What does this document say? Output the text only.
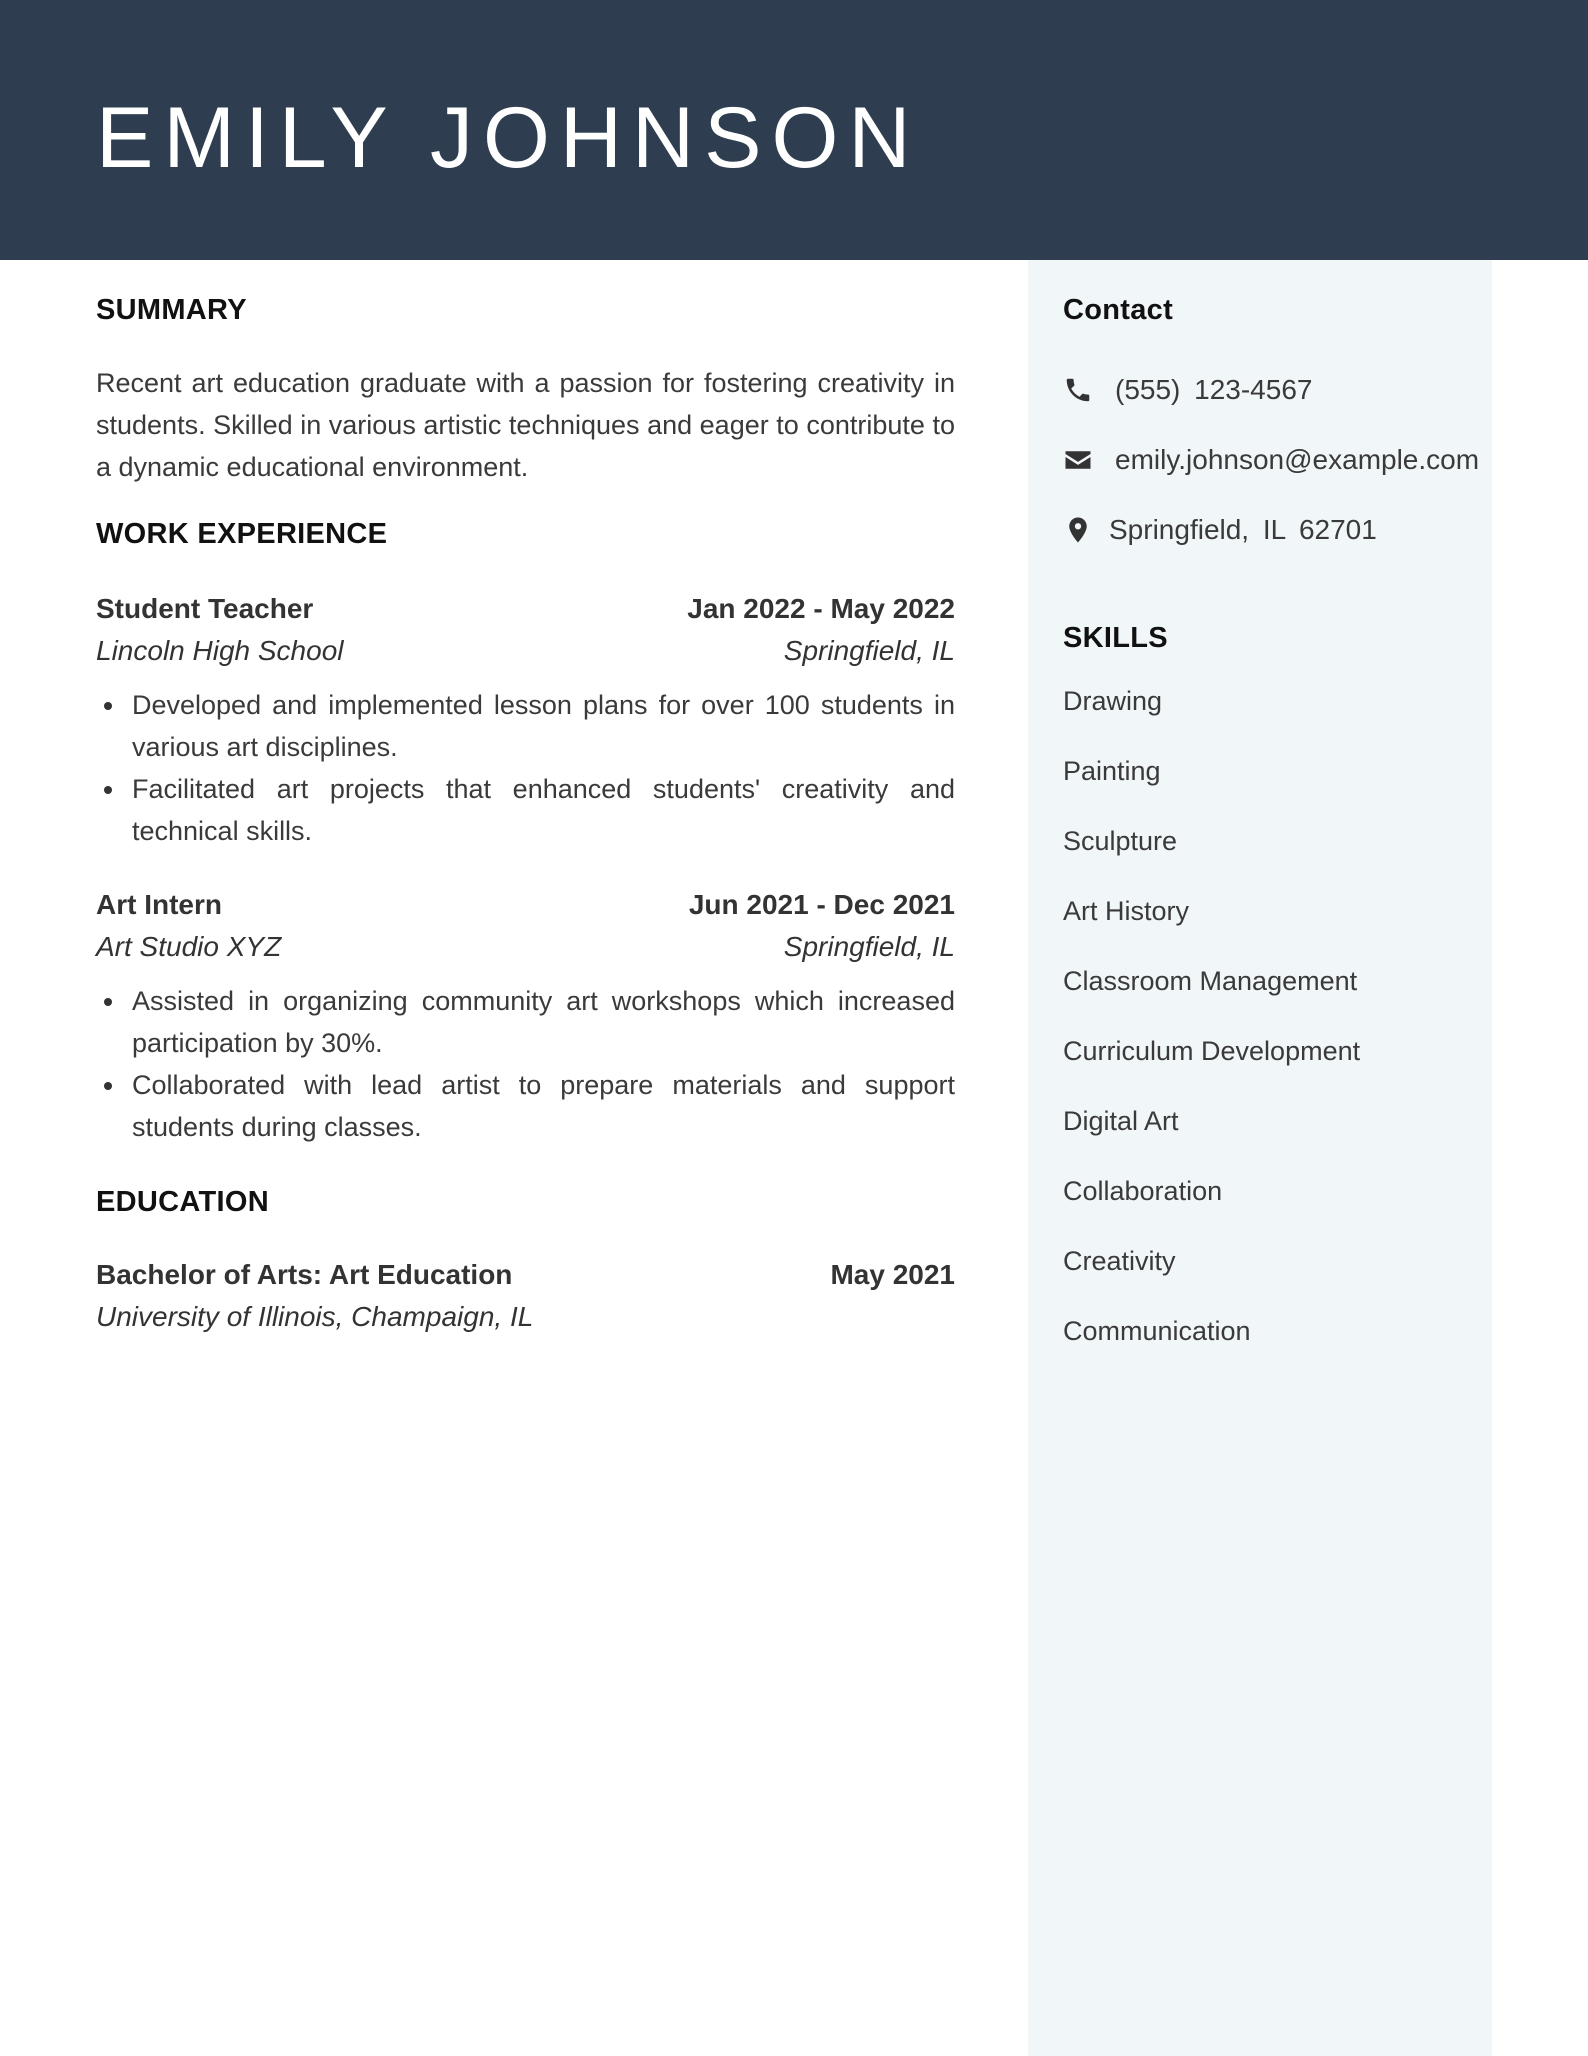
EMILY JOHNSON
SUMMARY
Recent art education graduate with a passion for fostering creativity in students. Skilled in various artistic techniques and eager to contribute to a dynamic educational environment.
WORK EXPERIENCE
Student Teacher	Jan 2022 - May 2022
Lincoln High School	Springfield, IL
Developed and implemented lesson plans for over 100 students in various art disciplines.
Facilitated art projects that enhanced students' creativity and technical skills.
Art Intern	Jun 2021 - Dec 2021
Art Studio XYZ	Springfield, IL
Assisted in organizing community art workshops which increased participation by 30%.
Collaborated with lead artist to prepare materials and support students during classes.
EDUCATION
Bachelor of Arts: Art Education	May 2021
University of Illinois, Champaign, IL
Contact
(555) 123-4567
emily.johnson@example.com
Springfield, IL 62701
SKILLS
Drawing
Painting
Sculpture
Art History
Classroom Management
Curriculum Development
Digital Art
Collaboration
Creativity
Communication
